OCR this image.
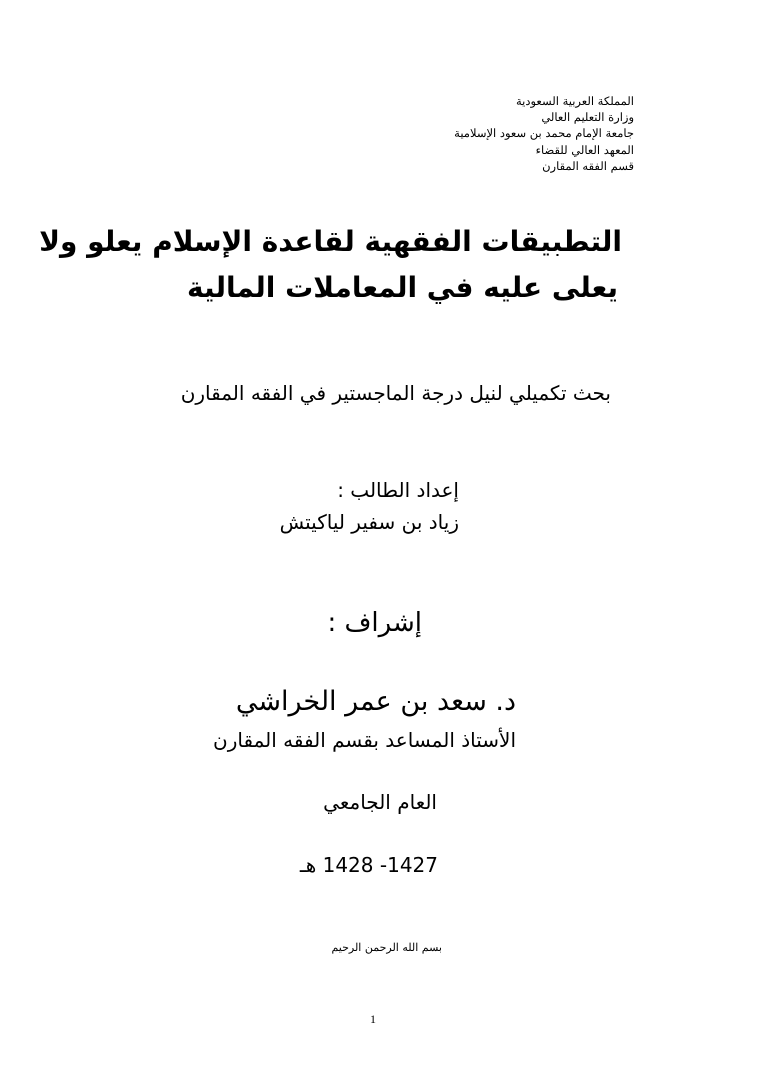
المملكة العربية السعودية
وزارة التعليم العالي
جامعة الإمام محمد بن سعود الإسلامية
المعهد العالي للقضاء
قسم الفقه المقارن
التطبيقات الفقهية لقاعدة الإسلام يعلو ولا
يعلى عليه في المعاملات المالية
بحث تكميلي لنيل درجة الماجستير في الفقه المقارن
إعداد الطالب :
زياد بن سفير لياكيتش
إشراف :
د. سعد بن عمر الخراشي
الأستاذ المساعد بقسم الفقه المقارن
العام الجامعي
1427- 1428 هـ
بسم الله الرحمن الرحيم
1
